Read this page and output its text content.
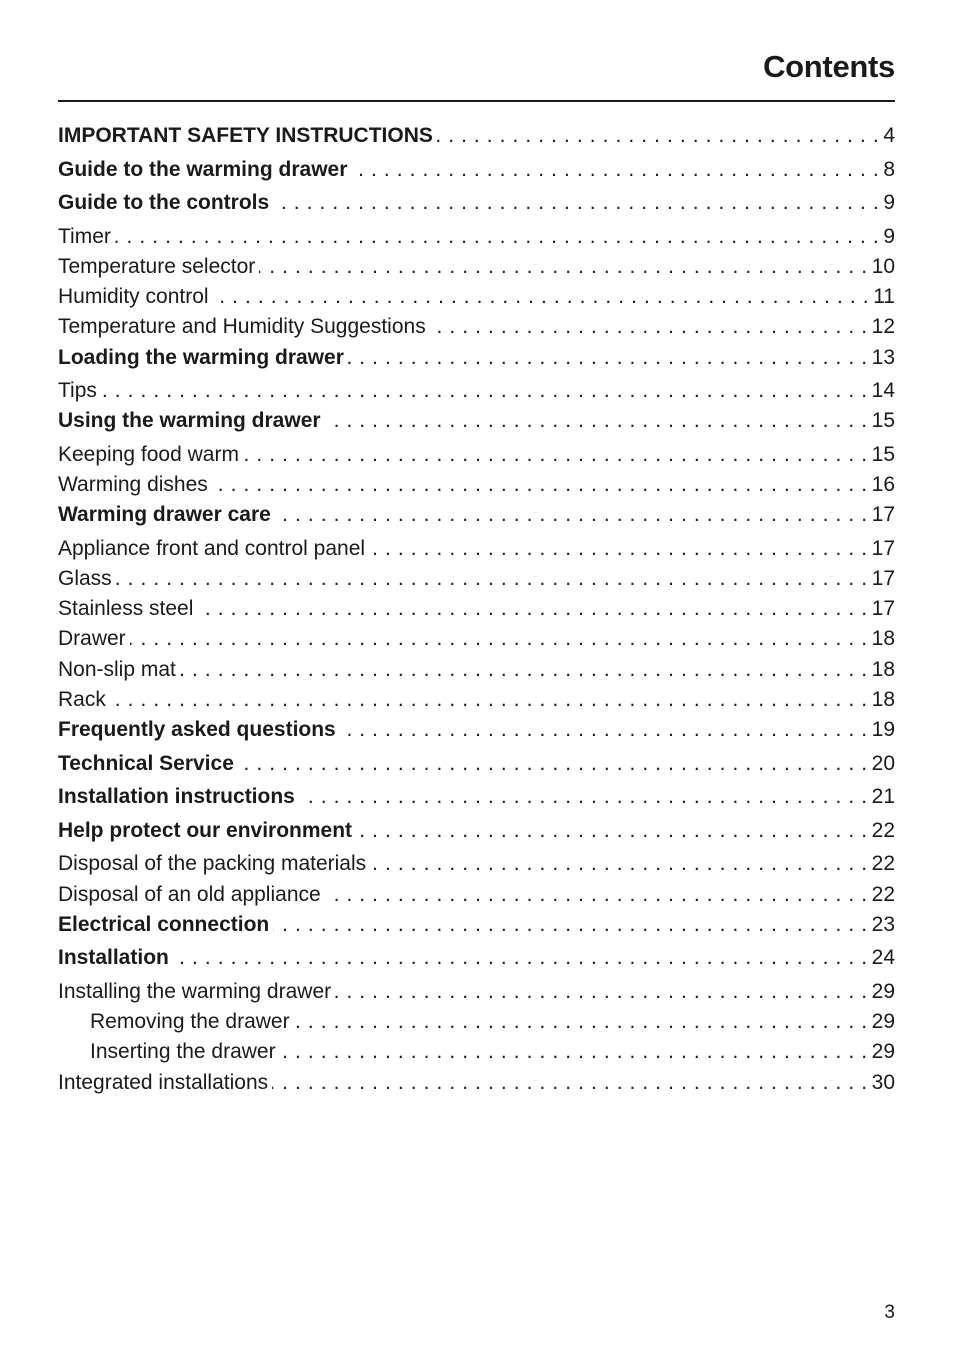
Contents
IMPORTANT SAFETY INSTRUCTIONS . . .	4
Guide to the warming drawer . . .	8
Guide to the controls . . .	9
Timer . . .	9
Temperature selector . . .	10
Humidity control . . .	11
Temperature and Humidity Suggestions . . .	12
Loading the warming drawer . . .	13
Tips . . .	14
Using the warming drawer . . .	15
Keeping food warm . . .	15
Warming dishes . . .	16
Warming drawer care . . .	17
Appliance front and control panel . . .	17
Glass . . .	17
Stainless steel . . .	17
Drawer . . .	18
Non-slip mat . . .	18
Rack . . .	18
Frequently asked questions . . .	19
Technical Service . . .	20
Installation instructions . . .	21
Help protect our environment . . .	22
Disposal of the packing materials . . .	22
Disposal of an old appliance . . .	22
Electrical connection . . .	23
Installation . . .	24
Installing the warming drawer . . .	29
Removing the drawer . . .	29
Inserting the drawer . . .	29
Integrated installations . . .	30

3
